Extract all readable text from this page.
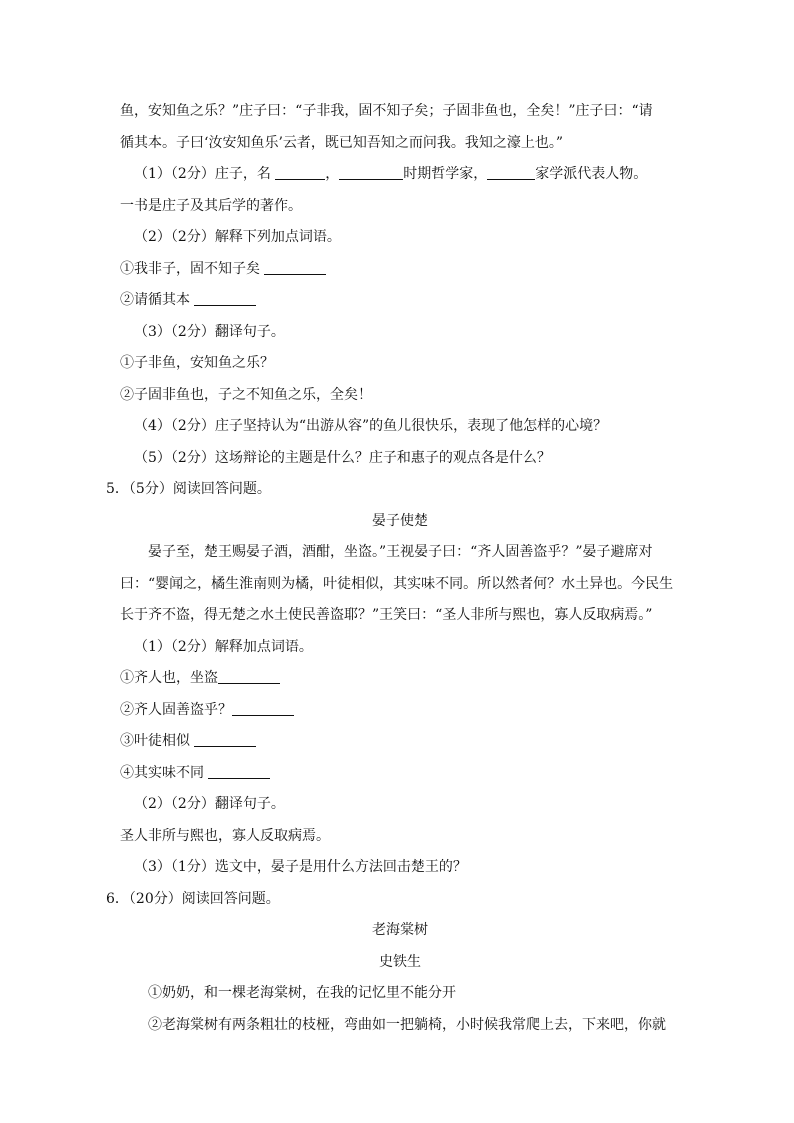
鱼，安知鱼之乐？”庄子曰：“子非我，固不知子矣；子固非鱼也，全矣！”庄子曰：“请
循其本。子曰‘汝安知鱼乐’云者，既已知吾知之而问我。我知之濠上也。”
（1）（2分）庄子，名	，	时期哲学家，	家学派代表人物。
一书是庄子及其后学的著作。
（2）（2分）解释下列加点词语。
①我非子，固不知子矣
②请循其本
（3）（2分）翻译句子。
①子非鱼，安知鱼之乐？
②子固非鱼也，子之不知鱼之乐，全矣！
（4）（2分）庄子坚持认为“出游从容”的鱼儿很快乐，表现了他怎样的心境？
（5）（2分）这场辩论的主题是什么？庄子和惠子的观点各是什么？
5．（5分）阅读回答问题。
晏子使楚
晏子至，楚王赐晏子酒，酒酣，坐盗。”王视晏子曰：“齐人固善盗乎？”晏子避席对
曰：“婴闻之，橘生淮南则为橘，叶徒相似，其实味不同。所以然者何？水土异也。今民生
长于齐不盗，得无楚之水土使民善盗耶？”王笑曰：“圣人非所与熙也，寡人反取病焉。”
（1）（2分）解释加点词语。
①齐人也，坐盗
②齐人固善盗乎？
③叶徒相似
④其实味不同
（2）（2分）翻译句子。
圣人非所与熙也，寡人反取病焉。
（3）（1分）选文中，晏子是用什么方法回击楚王的？
6．（20分）阅读回答问题。
老海棠树
史铁生
①奶奶，和一棵老海棠树，在我的记忆里不能分开
②老海棠树有两条粗壮的枝桠，弯曲如一把躺椅，小时候我常爬上去，下来吧，你就
